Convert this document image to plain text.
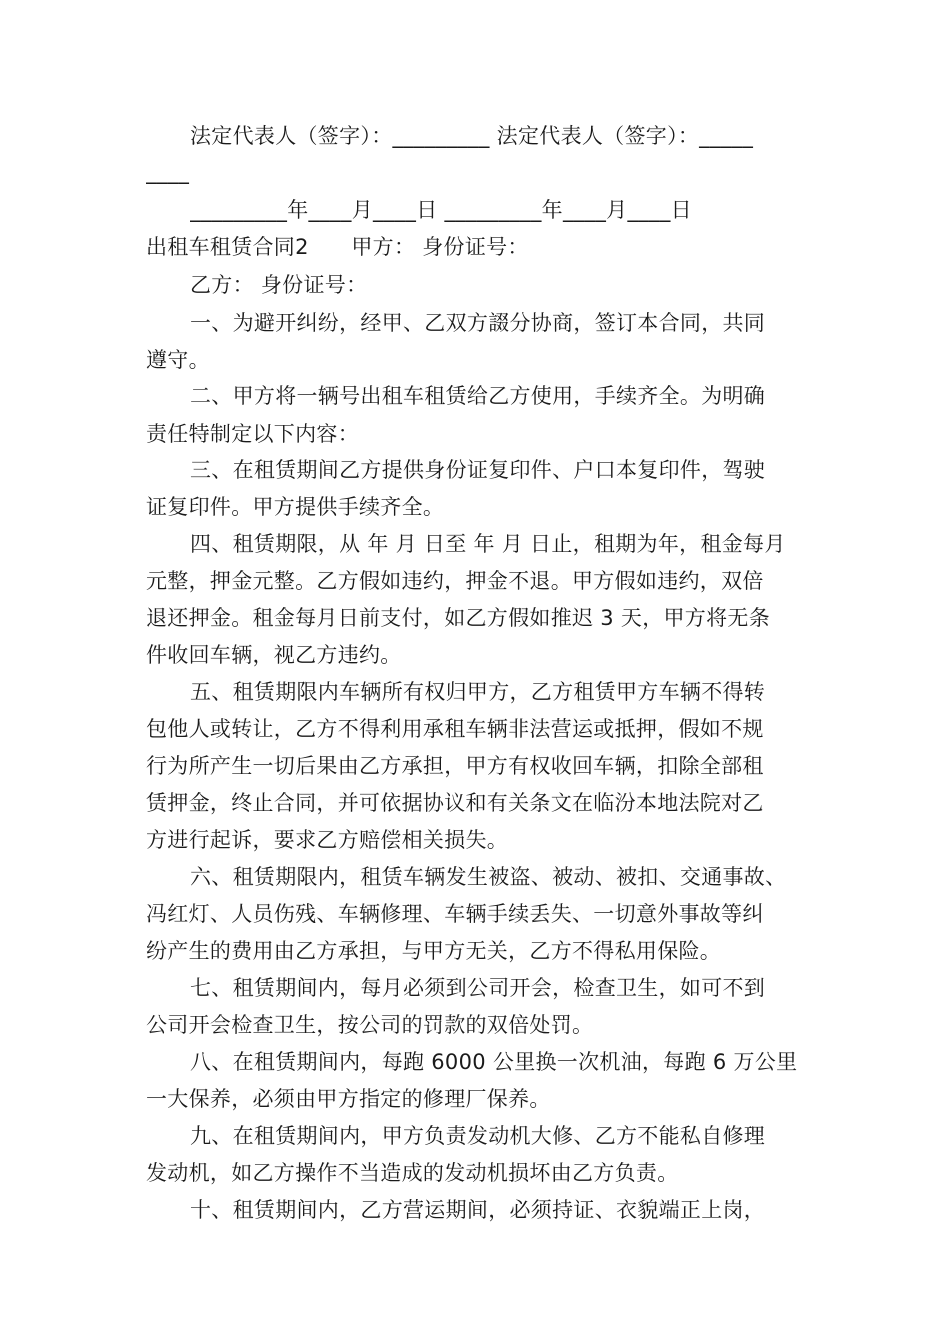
法定代表人（签字）：_________ 法定代表人（签字）：_____
____
_________年____月____日 _________年____月____日
出租车租赁合同2　　甲方： 身份证号：
乙方： 身份证号：
一、为避开纠纷，经甲、乙双方諁分协商，签订本合同，共同
遵守。
二、甲方将一辆号出租车租赁给乙方使用，手续齐全。为明确
责任特制定以下内容：
三、在租赁期间乙方提供身份证复印件、户口本复印件，驾驶
证复印件。甲方提供手续齐全。
四、租赁期限，从 年 月 日至 年 月 日止，租期为年，租金每月
元整，押金元整。乙方假如违约，押金不退。甲方假如违约，双倍
退还押金。租金每月日前支付，如乙方假如推迟 3 天，甲方将无条
件收回车辆，视乙方违约。
五、租赁期限内车辆所有权归甲方，乙方租赁甲方车辆不得转
包他人或转让，乙方不得利用承租车辆非法营运或抵押，假如不规
行为所产生一切后果由乙方承担，甲方有权收回车辆，扣除全部租
赁押金，终止合同，并可依据协议和有关条文在临汾本地法院对乙
方进行起诉，要求乙方赔偿相关损失。
六、租赁期限内，租赁车辆发生被盗、被动、被扣、交通事故、
冯红灯、人员伤残、车辆修理、车辆手续丢失、一切意外事故等纠
纷产生的费用由乙方承担，与甲方无关，乙方不得私用保险。
七、租赁期间内，每月必须到公司开会，检查卫生，如可不到
公司开会检查卫生，按公司的罚款的双倍处罚。
八、在租赁期间内，每跑 6000 公里换一次机油，每跑 6 万公里
一大保养，必须由甲方指定的修理厂保养。
九、在租赁期间内，甲方负责发动机大修、乙方不能私自修理
发动机，如乙方操作不当造成的发动机损坏由乙方负责。
十、租赁期间内，乙方营运期间，必须持证、衣貌端正上岗，
